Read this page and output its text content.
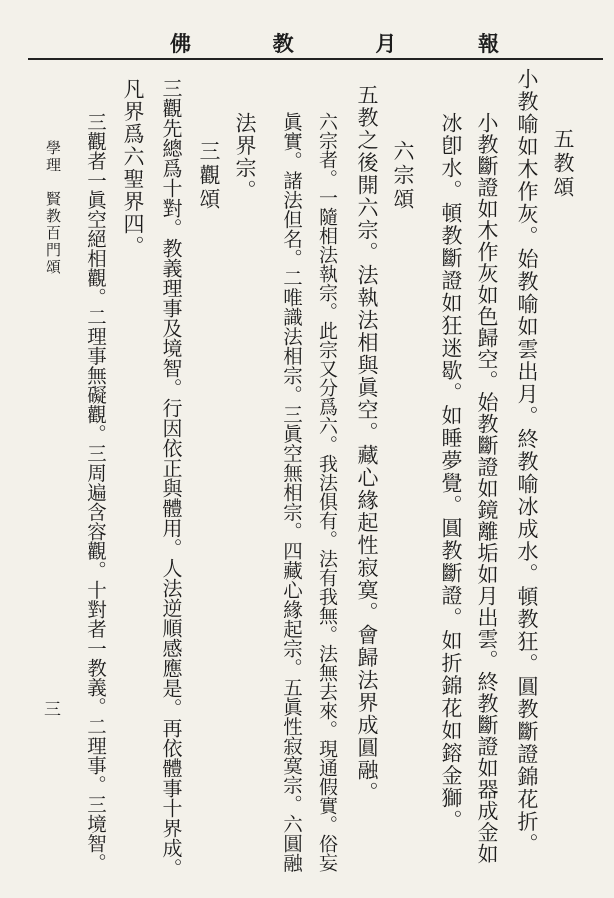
佛	教	月	報
五教頌
小教喻如木作灰。始教喻如雲出月。終教喻冰成水。頓教狂。圓教斷證錦花折。
小教斷證如木作灰如色歸空。始教斷證如鏡離垢如月出雲。終教斷證如器成金如
冰卽水。頓教斷證如狂迷歇。如睡夢覺。圓教斷證。如折錦花如鎔金獅。
六宗頌
五教之後開六宗。法執法相與眞空。藏心緣起性寂寞。會歸法界成圓融。
六宗者。一隨相法執宗。此宗又分爲六。我法俱有。法有我無。法無去來。現通假實。俗妄
眞實。諸法但名。二唯識法相宗。三眞空無相宗。四藏心緣起宗。五眞性寂寞宗。六圓融
法界宗。
三觀頌
三觀先總爲十對。教義理事及境智。行因依正與體用。人法逆順感應是。再依體事十界成。
凡界爲六聖界四。
三觀者一眞空絕相觀。二理事無礙觀。三周遍含容觀。十對者一教義。二理事。三境智。
學理　賢教百門頌
三
